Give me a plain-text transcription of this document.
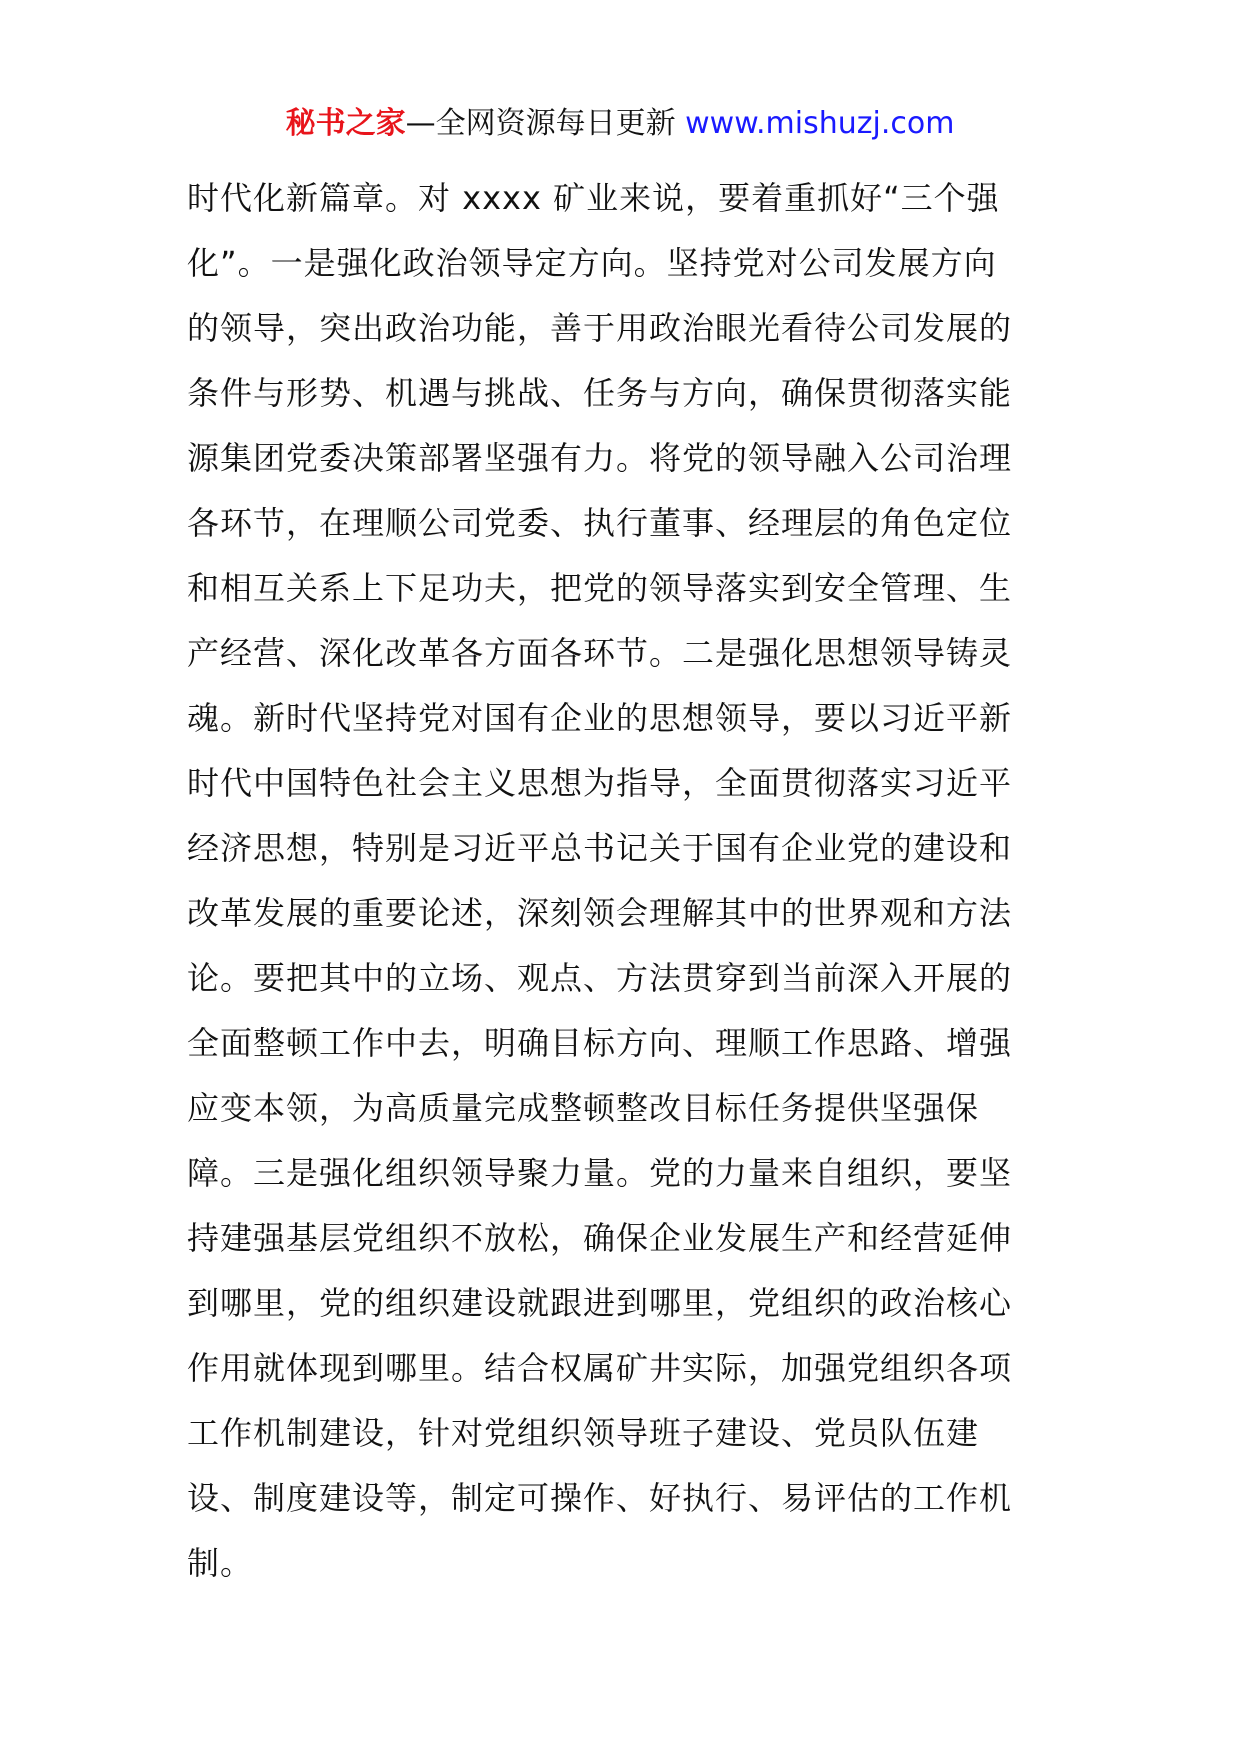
秘书之家—全网资源每日更新 www.mishuzj.com
时代化新篇章。对 xxxx 矿业来说，要着重抓好“三个强
化”。一是强化政治领导定方向。坚持党对公司发展方向
的领导，突出政治功能，善于用政治眼光看待公司发展的
条件与形势、机遇与挑战、任务与方向，确保贯彻落实能
源集团党委决策部署坚强有力。将党的领导融入公司治理
各环节，在理顺公司党委、执行董事、经理层的角色定位
和相互关系上下足功夫，把党的领导落实到安全管理、生
产经营、深化改革各方面各环节。二是强化思想领导铸灵
魂。新时代坚持党对国有企业的思想领导，要以习近平新
时代中国特色社会主义思想为指导，全面贯彻落实习近平
经济思想，特别是习近平总书记关于国有企业党的建设和
改革发展的重要论述，深刻领会理解其中的世界观和方法
论。要把其中的立场、观点、方法贯穿到当前深入开展的
全面整顿工作中去，明确目标方向、理顺工作思路、增强
应变本领，为高质量完成整顿整改目标任务提供坚强保
障。三是强化组织领导聚力量。党的力量来自组织，要坚
持建强基层党组织不放松，确保企业发展生产和经营延伸
到哪里，党的组织建设就跟进到哪里，党组织的政治核心
作用就体现到哪里。结合权属矿井实际，加强党组织各项
工作机制建设，针对党组织领导班子建设、党员队伍建
设、制度建设等，制定可操作、好执行、易评估的工作机
制。
